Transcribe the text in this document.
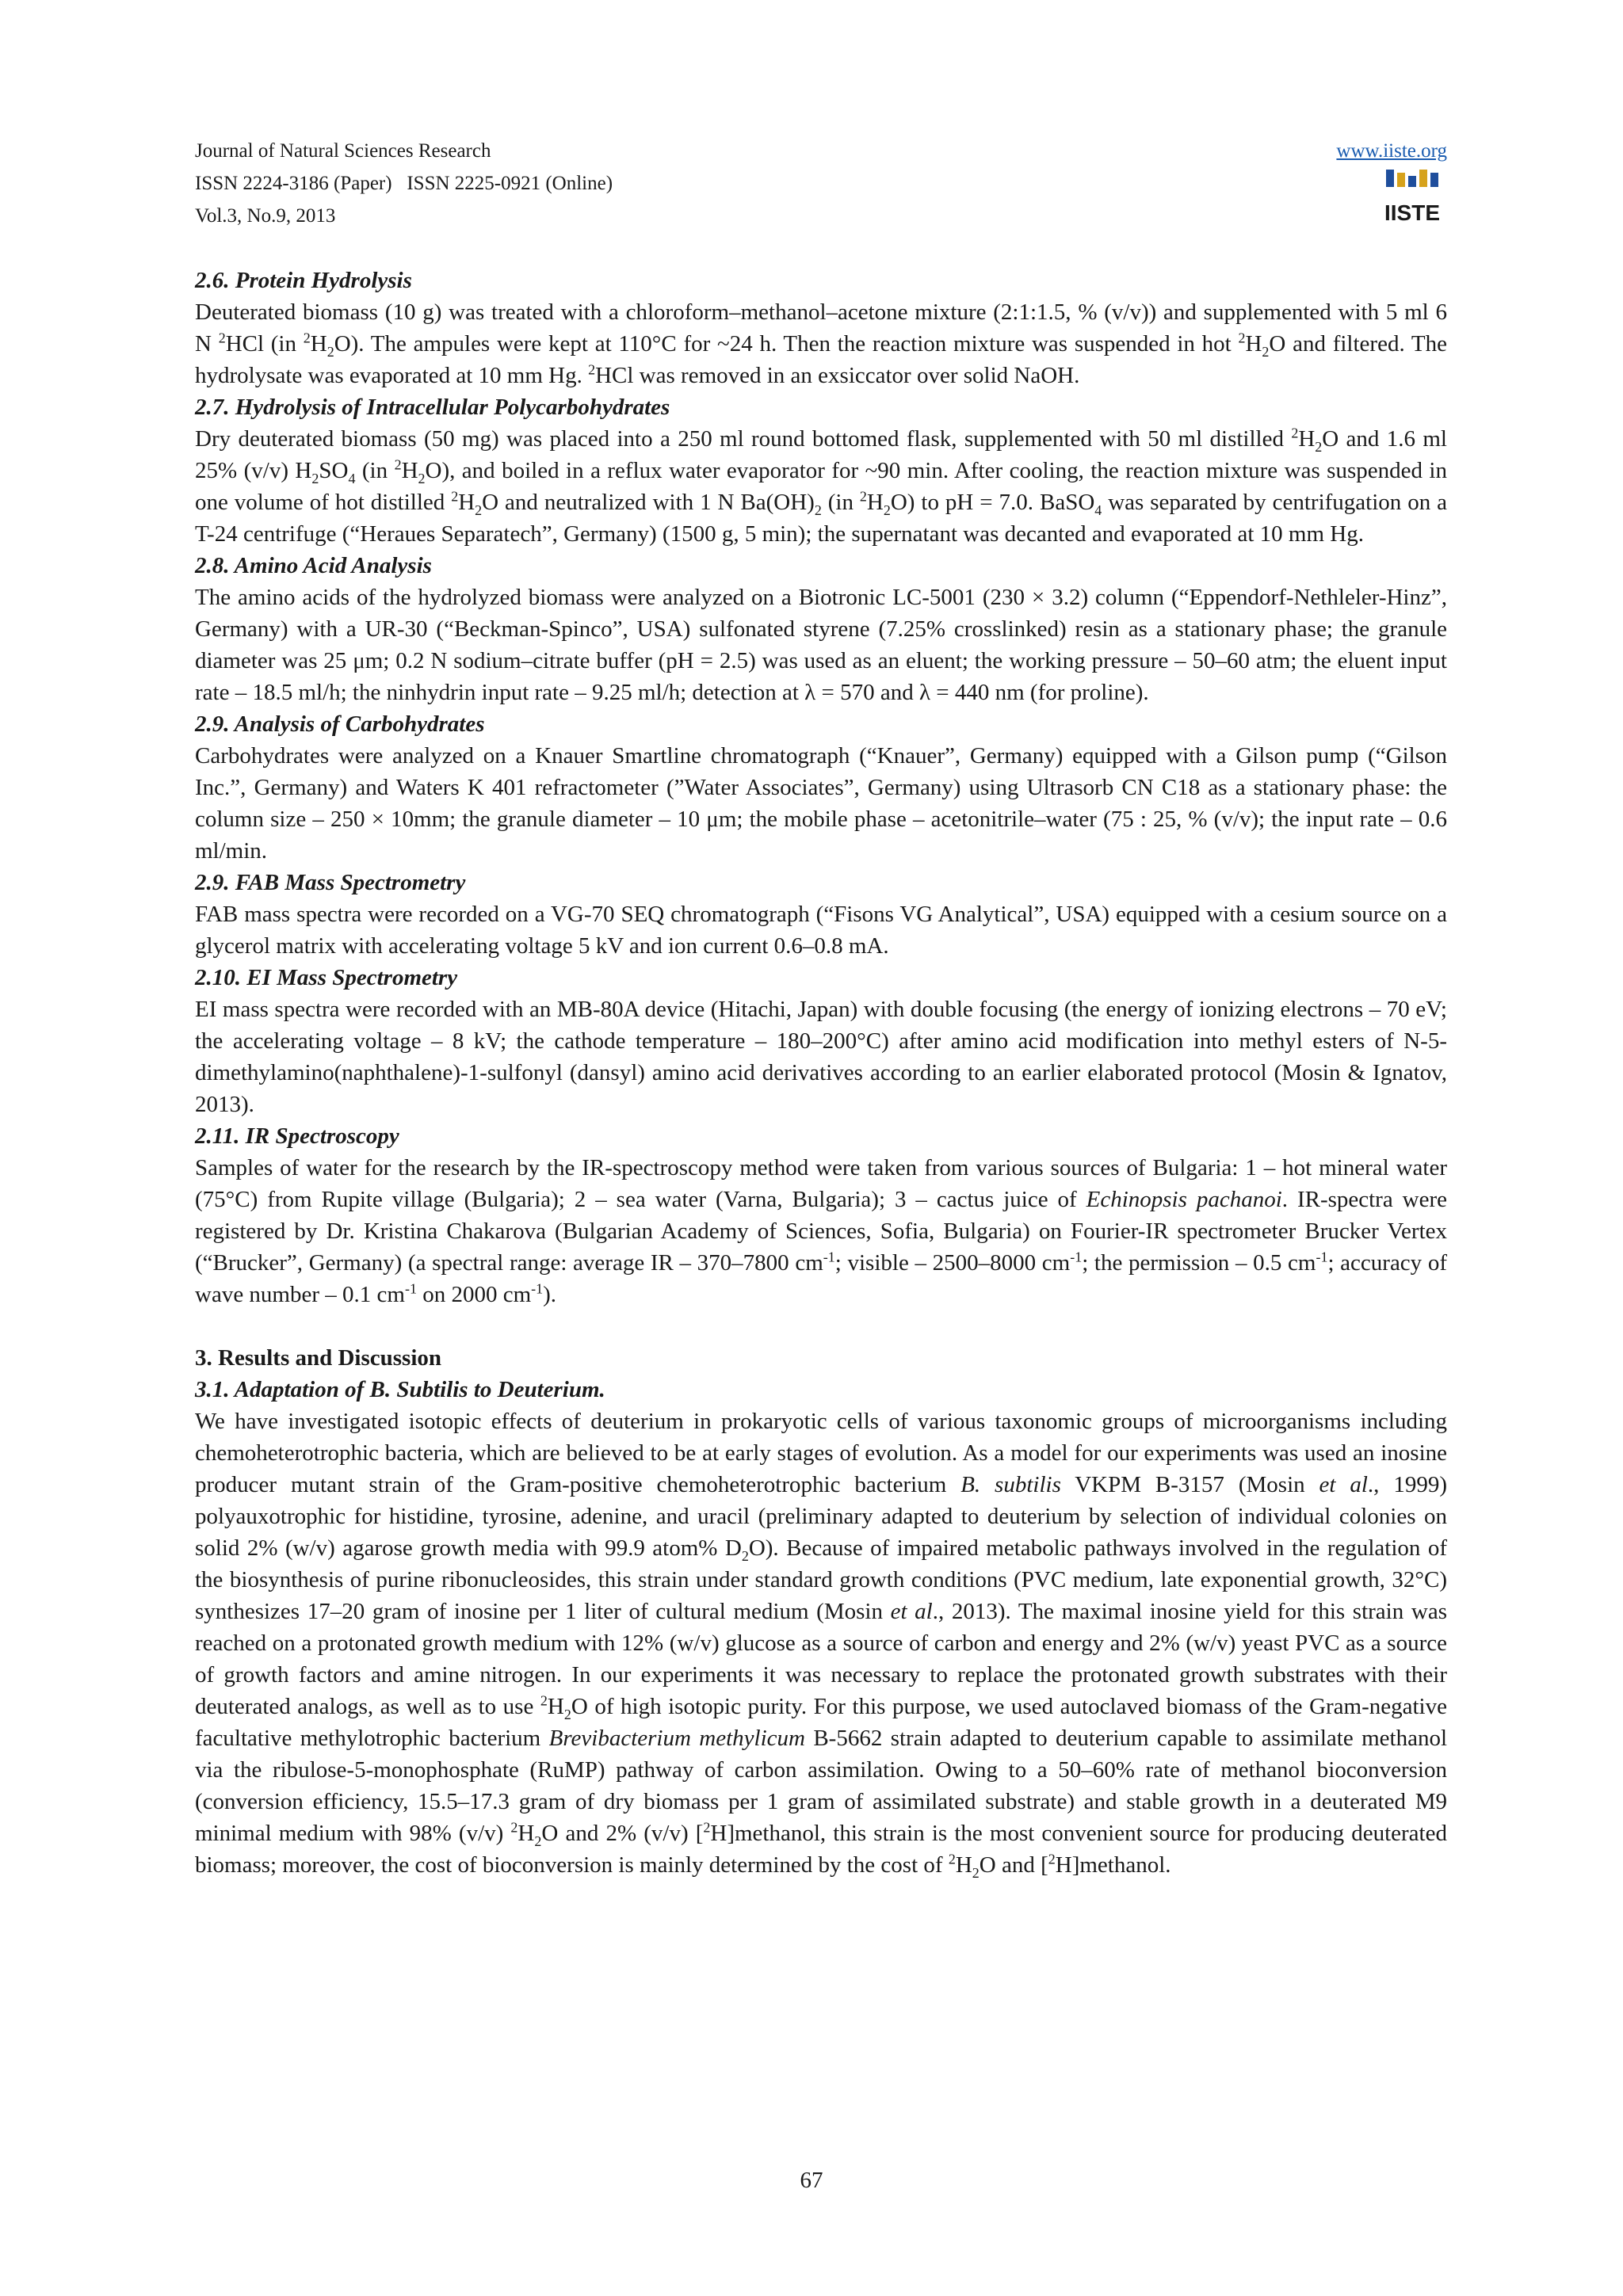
Journal of Natural Sciences Research
ISSN 2224-3186 (Paper)   ISSN 2225-0921 (Online)
Vol.3, No.9, 2013
www.iiste.org
IISTE

2.6. Protein Hydrolysis

Deuterated biomass (10 g) was treated with a chloroform–methanol–acetone mixture (2:1:1.5, % (v/v)) and supplemented with 5 ml 6 N $^2$HCl (in $^2H_2O$). The ampules were kept at 110°C for ~24 h. Then the reaction mixture was suspended in hot $^2H_2O$ and filtered. The hydrolysate was evaporated at 10 mm Hg. $^2$HCl was removed in an exsiccator over solid NaOH.

2.7. Hydrolysis of Intracellular Polycarbohydrates

Dry deuterated biomass (50 mg) was placed into a 250 ml round bottomed flask, supplemented with 50 ml distilled $^2H_2O$ and 1.6 ml 25% (v/v) $H_2SO_4$ (in $^2H_2O$), and boiled in a reflux water evaporator for ~90 min. After cooling, the reaction mixture was suspended in one volume of hot distilled $^2H_2O$ and neutralized with 1 N $Ba(OH)_2$ (in $^2H_2O$) to pH = 7.0. BaSO$_4$ was separated by centrifugation on a T-24 centrifuge (“Heraues Separatech”, Germany) (1500 g, 5 min); the supernatant was decanted and evaporated at 10 mm Hg.

2.8. Amino Acid Analysis

The amino acids of the hydrolyzed biomass were analyzed on a Biotronic LC-5001 (230 × 3.2) column (“Eppendorf-Nethleler-Hinz”, Germany) with a UR-30 (“Beckman-Spinco”, USA) sulfonated styrene (7.25% crosslinked) resin as a stationary phase; the granule diameter was 25 μm; 0.2 N sodium–citrate buffer (pH = 2.5) was used as an eluent; the working pressure – 50–60 atm; the eluent input rate – 18.5 ml/h; the ninhydrin input rate – 9.25 ml/h; detection at λ = 570 and λ = 440 nm (for proline).

2.9. Analysis of Carbohydrates

Carbohydrates were analyzed on a Knauer Smartline chromatograph (“Knauer”, Germany) equipped with a Gilson pump (“Gilson Inc.”, Germany) and Waters K 401 refractometer (”Water Associates”, Germany) using Ultrasorb CN C18 as a stationary phase: the column size – 250 × 10mm; the granule diameter – 10 μm; the mobile phase – acetonitrile–water (75 : 25, % (v/v); the input rate – 0.6 ml/min.

2.9. FAB Mass Spectrometry

FAB mass spectra were recorded on a VG-70 SEQ chromatograph (“Fisons VG Analytical”, USA) equipped with a cesium source on a glycerol matrix with accelerating voltage 5 kV and ion current 0.6–0.8 mA.

2.10. EI Mass Spectrometry

EI mass spectra were recorded with an MB-80A device (Hitachi, Japan) with double focusing (the energy of ionizing electrons – 70 eV; the accelerating voltage – 8 kV; the cathode temperature – 180–200°C) after amino acid modification into methyl esters of N-5-dimethylamino(naphthalene)-1-sulfonyl (dansyl) amino acid derivatives according to an earlier elaborated protocol (Mosin & Ignatov, 2013).

2.11. IR Spectroscopy

Samples of water for the research by the IR-spectroscopy method were taken from various sources of Bulgaria: 1 – hot mineral water (75°C) from Rupite village (Bulgaria); 2 – sea water (Varna, Bulgaria); 3 – cactus juice of Echinopsis pachanoi. IR-spectra were registered by Dr. Kristina Chakarova (Bulgarian Academy of Sciences, Sofia, Bulgaria) on Fourier-IR spectrometer Brucker Vertex (“Brucker”, Germany) (a spectral range: average IR – 370–7800 $cm^{-1}$; visible – 2500–8000 $cm^{-1}$; the permission – 0.5 $cm^{-1}$; accuracy of wave number – 0.1 $cm^{-1}$ on 2000 $cm^{-1}$).

3. Results and Discussion

3.1. Adaptation of B. Subtilis to Deuterium.

We have investigated isotopic effects of deuterium in prokaryotic cells of various taxonomic groups of microorganisms including chemoheterotrophic bacteria, which are believed to be at early stages of evolution. As a model for our experiments was used an inosine producer mutant strain of the Gram-positive chemoheterotrophic bacterium B. subtilis VKPM B-3157 (Mosin et al., 1999) polyauxotrophic for histidine, tyrosine, adenine, and uracil (preliminary adapted to deuterium by selection of individual colonies on solid 2% (w/v) agarose growth media with 99.9 atom% $D_2O$). Because of impaired metabolic pathways involved in the regulation of the biosynthesis of purine ribonucleosides, this strain under standard growth conditions (PVC medium, late exponential growth, 32°C) synthesizes 17–20 gram of inosine per 1 liter of cultural medium (Mosin et al., 2013). The maximal inosine yield for this strain was reached on a protonated growth medium with 12% (w/v) glucose as a source of carbon and energy and 2% (w/v) yeast PVC as a source of growth factors and amine nitrogen. In our experiments it was necessary to replace the protonated growth substrates with their deuterated analogs, as well as to use $^2H_2O$ of high isotopic purity. For this purpose, we used autoclaved biomass of the Gram-negative facultative methylotrophic bacterium Brevibacterium methylicum B-5662 strain adapted to deuterium capable to assimilate methanol via the ribulose-5-monophosphate (RuMP) pathway of carbon assimilation. Owing to a 50–60% rate of methanol bioconversion (conversion efficiency, 15.5–17.3 gram of dry biomass per 1 gram of assimilated substrate) and stable growth in a deuterated M9 minimal medium with 98% (v/v) $^2H_2O$ and 2% (v/v) [$^2$H]methanol, this strain is the most convenient source for producing deuterated biomass; moreover, the cost of bioconversion is mainly determined by the cost of $^2H_2O$ and [$^2$H]methanol.

67
